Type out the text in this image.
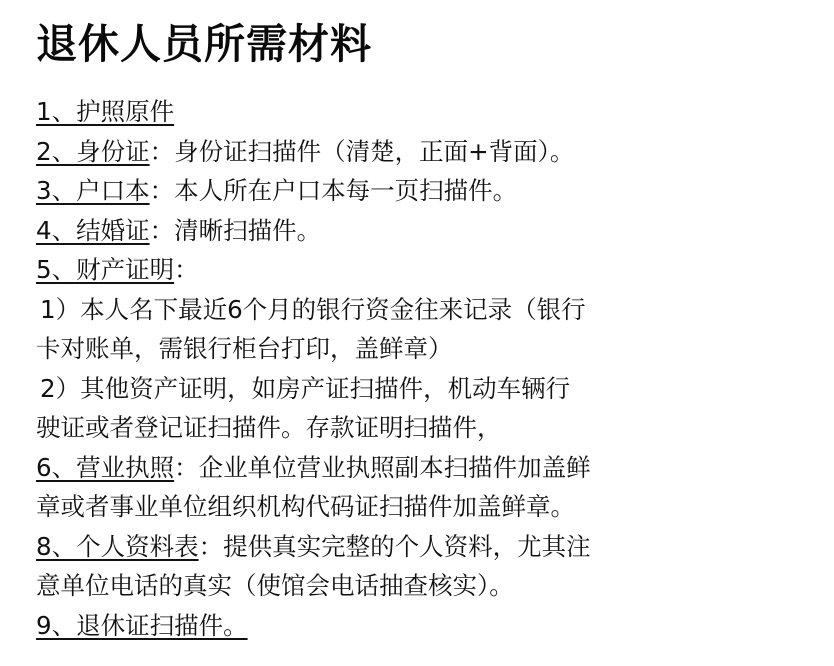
退休人员所需材料
1、护照原件
2、身份证：身份证扫描件（清楚，正面+背面）。
3、户口本：本人所在户口本每一页扫描件。
4、结婚证：清晰扫描件。
5、财产证明：
1）本人名下最近6个月的银行资金往来记录（银行
卡对账单，需银行柜台打印，盖鲜章）
2）其他资产证明，如房产证扫描件，机动车辆行
驶证或者登记证扫描件。存款证明扫描件，
6、营业执照：企业单位营业执照副本扫描件加盖鲜
章或者事业单位组织机构代码证扫描件加盖鲜章。
8、个人资料表：提供真实完整的个人资料，尤其注
意单位电话的真实（使馆会电话抽查核实）。
9、退休证扫描件。
